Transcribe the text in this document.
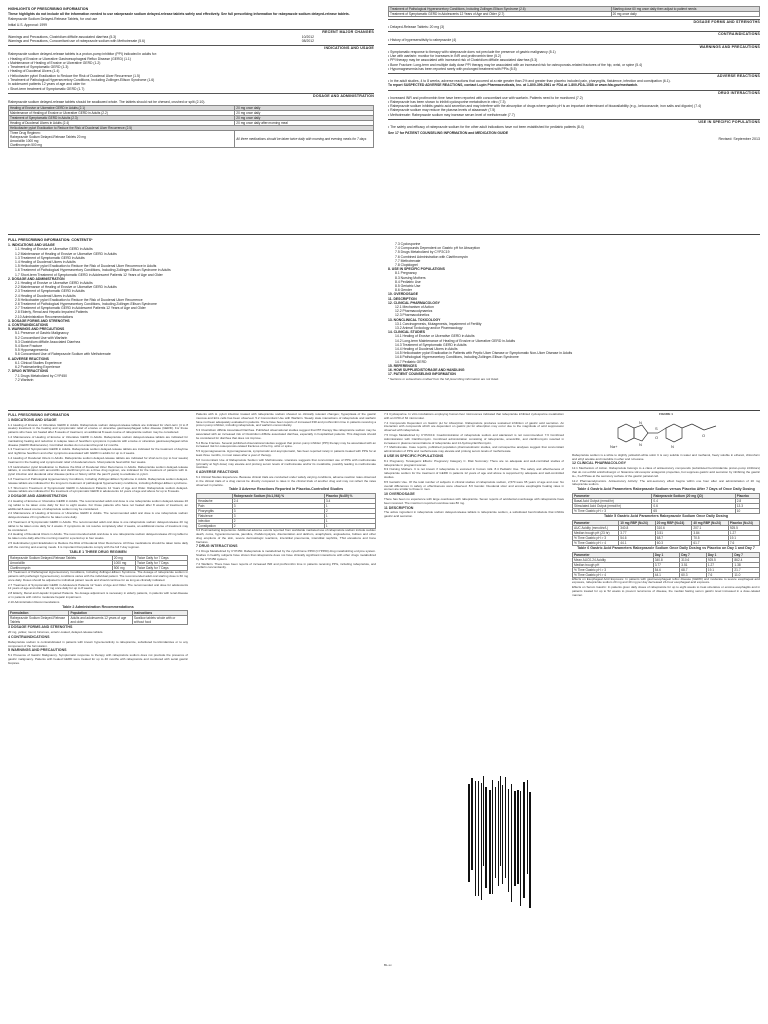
HIGHLIGHTS OF PRESCRIBING INFORMATION
These highlights do not include all the information needed to use rabeprazole sodium delayed-release tablets safely and effectively. See full prescribing information for rabeprazole sodium delayed-release tablets.
Rabeprazole Sodium Delayed-Release Tablets, for oral use
Initial U.S. Approval: 1999
RECENT MAJOR CHANGES
Warnings and Precautions, Clostridium difficile associated diarrhea (5.3)	10/2012
Warnings and Precautions, Concomitant use of rabeprazole sodium with Methotrexate (5.6)	08/2012
INDICATIONS AND USAGE
Rabeprazole sodium delayed-release tablets is a proton-pump inhibitor (PPI) indicated in adults for:
• Healing of Erosive or Ulcerative Gastroesophageal Reflux Disease (GERD) (1.1)
• Maintenance of Healing of Erosive or Ulcerative GERD (1.2)
• Treatment of Symptomatic GERD (1.3)
• Healing of Duodenal Ulcers (1.4)
• Helicobacter pylori Eradication to Reduce the Risk of Duodenal Ulcer Recurrence (1.5)
• Treatment of Pathological Hypersecretory Conditions, Including Zollinger-Ellison Syndrome (1.6)
In adolescent patients 12 years of age and older for:
• Short-term treatment of Symptomatic GERD (1.7)
DOSAGE AND ADMINISTRATION
Rabeprazole sodium delayed-release tablets should be swallowed whole. The tablets should not be chewed, crushed or split (2.10).
Healing of Erosive or Ulcerative GERD in Adults (2.1)	20 mg once daily
Maintenance of Healing of Erosive or Ulcerative GERD in Adults (2.2)	20 mg once daily
Treatment of Symptomatic GERD in Adults (2.3)	20 mg once daily
Healing of Duodenal Ulcers in Adults (2.4)	20 mg once daily after morning meal
Helicobacter pylori Eradication to Reduce the Risk of Duodenal Ulcer Recurrence (2.5)	

Three Drug Regimen:
Rabeprazole Sodium Delayed-Release Tablets 20 mg
Amoxicillin 1000 mg
Clarithromycin 500 mg	All three medications should be taken twice daily with morning and evening meals for 7 days
Treatment of Pathological Hypersecretory Conditions, Including Zollinger-Ellison Syndrome (2.6)	Starting dose 60 mg once daily then adjust to patient needs
Treatment of Symptomatic GERD in Adolescents 12 Years of Age and Older (2.7)	20 mg once daily
DOSAGE FORMS AND STRENGTHS
• Delayed-Release Tablets: 20 mg (3)
CONTRAINDICATIONS
• History of hypersensitivity to rabeprazole (4)
WARNINGS AND PRECAUTIONS
• Symptomatic response to therapy with rabeprazole does not preclude the presence of gastric malignancy (5.1)
• Use with warfarin: monitor for increases in INR and prothrombin time (5.2)
• PPI therapy may be associated with increased risk of Clostridium difficile associated diarrhea (5.3)
• Bone Fracture: Long-term and multiple daily dose PPI therapy may be associated with an increased risk for osteoporosis-related fractures of the hip, wrist, or spine (5.4)
• Hypomagnesemia has been reported rarely with prolonged treatment with PPIs (5.5)
ADVERSE REACTIONS
• In the adult studies, 4 to 8 weeks, adverse reactions that occurred at a rate greater than 2% and greater than placebo included pain, pharyngitis, flatulence, infection and constipation (6.1).
To report SUSPECTED ADVERSE REACTIONS, contact Lupin Pharmaceuticals, Inc. at 1-800-399-2561 or FDA at 1-800-FDA-1088 or www.fda.gov/medwatch.
DRUG INTERACTIONS
• Increased INR and prothrombin time have been reported with concomitant use with warfarin. Patients need to be monitored (7.2)
• Rabeprazole has been shown to inhibit cyclosporine metabolism in vitro (7.3)
• Rabeprazole sodium inhibits gastric acid secretion and may interfere with the absorption of drugs where gastric pH is an important determinant of bioavailability (e.g., ketoconazole, iron salts and digoxin) (7.4)
• Rabeprazole sodium may reduce the plasma levels of atazanavir (7.5)
• Methotrexate: Rabeprazole sodium may increase serum level of methotrexate (7.7)
USE IN SPECIFIC POPULATIONS
• The safety and efficacy of rabeprazole sodium for the other adult indications have not been established for pediatric patients (8.4)
See 17 for PATIENT COUNSELING INFORMATION and MEDICATION GUIDE
Revised: September 2013
FULL PRESCRIBING INFORMATION: CONTENTS*
1. INDICATIONS AND USAGE
1.1 Healing of Erosive or Ulcerative GERD in Adults
1.2 Maintenance of Healing of Erosive or Ulcerative GERD in Adults
1.3 Treatment of Symptomatic GERD in Adults
1.4 Healing of Duodenal Ulcers in Adults
1.5 Helicobacter pylori Eradication to Reduce the Risk of Duodenal Ulcer Recurrence in Adults
1.6 Treatment of Pathological Hypersecretory Conditions, Including Zollinger-Ellison Syndrome in Adults
1.7 Short-term Treatment of Symptomatic GERD in Adolescent Patients 12 Years of Age and Older
2. DOSAGE AND ADMINISTRATION
2.1 Healing of Erosive or Ulcerative GERD in Adults
2.2 Maintenance of Healing of Erosive or Ulcerative GERD in Adults
2.3 Treatment of Symptomatic GERD in Adults
2.4 Healing of Duodenal Ulcers in Adults
2.5 Helicobacter pylori Eradication to Reduce the Risk of Duodenal Ulcer Recurrence
2.6 Treatment of Pathological Hypersecretory Conditions, Including Zollinger-Ellison Syndrome
2.7 Treatment of Symptomatic GERD in Adolescent Patients 12 Years of Age and Older
2.8 Elderly, Renal and Hepatic Impaired Patients
2.10 Administration Recommendations
3. DOSAGE FORMS AND STRENGTHS
4. CONTRAINDICATIONS
5. WARNINGS AND PRECAUTIONS
5.1 Presence of Gastric Malignancy
5.2 Concomitant Use with Warfarin
5.3 Clostridium difficile Associated Diarrhea
5.4 Bone Fracture
5.5 Hypomagnesemia
5.6 Concomitant Use of Rabeprazole Sodium with Methotrexate
6. ADVERSE REACTIONS
6.1 Clinical Studies Experience
6.2 Postmarketing Experience
7. DRUG INTERACTIONS
7.1 Drugs Metabolized by CYP450
7.2 Warfarin
7.3 Cyclosporine
7.4 Compounds Dependent on Gastric pH for Absorption
7.5 Drugs Metabolized by CYP2C19
7.6 Combined Administration with Clarithromycin
7.7 Methotrexate
7.8 Clopidogrel
8. USE IN SPECIFIC POPULATIONS
8.1 Pregnancy
8.3 Nursing Mothers
8.4 Pediatric Use
8.5 Geriatric Use
8.6 Gender
10. OVERDOSAGE
11. DESCRIPTION
12. CLINICAL PHARMACOLOGY
12.1 Mechanism of Action
12.2 Pharmacodynamics
12.3 Pharmacokinetics
13. NONCLINICAL TOXICOLOGY
13.1 Carcinogenesis, Mutagenesis, Impairment of Fertility
13.2 Animal Toxicology and/or Pharmacology
14. CLINICAL STUDIES
14.1 Healing of Erosive or Ulcerative GERD in Adults
14.2 Long-term Maintenance of Healing of Erosive or Ulcerative GERD in Adults
14.3 Treatment of Symptomatic GERD in Adults
14.4 Healing of Duodenal Ulcers in Adults
14.5 Helicobacter pylori Eradication in Patients with Peptic Ulcer Disease or Symptomatic Non-Ulcer Disease in Adults
14.6 Pathological Hypersecretory Conditions, Including Zollinger-Ellison Syndrome
14.7 Pediatric GERD
15. REFERENCES
16. HOW SUPPLIED/STORAGE AND HANDLING
17. PATIENT COUNSELING INFORMATION
* Sections or subsections omitted from the full prescribing information are not listed.
FULL PRESCRIBING INFORMATION
1 INDICATIONS AND USAGE
1.1 Healing of Erosive or Ulcerative GERD in Adults. Rabeprazole sodium delayed-release tablets are indicated for short-term (4 to 8 weeks) treatment in the healing and symptomatic relief of erosive or ulcerative gastroesophageal reflux disease (GERD). For those patients who have not healed after 8 weeks of treatment, an additional 8-week course of rabeprazole sodium may be considered.
1.2 Maintenance of Healing of Erosive or Ulcerative GERD in Adults. Rabeprazole sodium delayed-release tablets are indicated for maintaining healing and reduction in relapse rates of heartburn symptoms in patients with erosive or ulcerative gastroesophageal reflux disease (GERD Maintenance). Controlled studies do not extend beyond 12 months.
1.3 Treatment of Symptomatic GERD in Adults. Rabeprazole sodium delayed-release tablets are indicated for the treatment of daytime and nighttime heartburn and other symptoms associated with GERD in adults for up to 4 weeks.
1.4 Healing of Duodenal Ulcers in Adults. Rabeprazole sodium delayed-release tablets are indicated for short-term (up to four weeks) treatment in the healing and symptomatic relief of duodenal ulcers. Most patients heal within four weeks.
1.5 Helicobacter pylori Eradication to Reduce the Risk of Duodenal Ulcer Recurrence in Adults. Rabeprazole sodium delayed-release tablets, in combination with amoxicillin and clarithromycin as a three drug regimen, are indicated for the treatment of patients with H. pylori infection and duodenal ulcer disease (active or history within the past 5 years) to eradicate H. pylori.
1.6 Treatment of Pathological Hypersecretory Conditions, Including Zollinger-Ellison Syndrome in Adults. Rabeprazole sodium delayed-release tablets are indicated for the long-term treatment of pathological hypersecretory conditions, including Zollinger-Ellison syndrome.
1.7 Short-term Treatment of Symptomatic GERD in Adolescent Patients 12 Years of Age and Older. Rabeprazole sodium delayed-release tablets are indicated for the treatment of symptomatic GERD in adolescents 12 years of age and above for up to 8 weeks.
2 DOSAGE AND ADMINISTRATION
2.1 Healing of Erosive or Ulcerative GERD in Adults. The recommended adult oral dose is one rabeprazole sodium delayed-release 20 mg tablet to be taken once daily for four to eight weeks. For those patients who have not healed after 8 weeks of treatment, an additional 8-week course of rabeprazole sodium may be considered.
2.2 Maintenance of Healing of Erosive or Ulcerative GERD in Adults. The recommended adult oral dose is one rabeprazole sodium delayed-release 20 mg tablet to be taken once daily.
2.3 Treatment of Symptomatic GERD in Adults. The recommended adult oral dose is one rabeprazole sodium delayed-release 20 mg tablet to be taken once daily for 4 weeks. If symptoms do not resolve completely after 4 weeks, an additional course of treatment may be considered.
2.4 Healing of Duodenal Ulcers in Adults. The recommended adult oral dose is one rabeprazole sodium delayed-release 20 mg tablet to be taken once daily after the morning meal for a period up to four weeks.
2.5 Helicobacter pylori Eradication to Reduce the Risk of Duodenal Ulcer Recurrence. All three medications should be taken twice daily with the morning and evening meals. It is important that patients comply with the full 7-day regimen.
TABLE 1 THREE DRUG REGIMEN
Rabeprazole Sodium Delayed-Release Tablets	20 mg	Twice Daily for 7 Days
Amoxicillin	1000 mg	Twice Daily for 7 Days
Clarithromycin	500 mg	Twice Daily for 7 Days
2.6 Treatment of Pathological Hypersecretory Conditions, Including Zollinger-Ellison Syndrome. The dosage of rabeprazole sodium in patients with pathologic hypersecretory conditions varies with the individual patient. The recommended adult oral starting dose is 60 mg once daily. Doses should be adjusted to individual patient needs and should continue for as long as clinically indicated.
2.7 Treatment of Symptomatic GERD in Adolescent Patients 12 Years of Age and Older. The recommended oral dose for adolescents 12 years of age and older is 20 mg once daily for up to 8 weeks.
2.8 Elderly, Renal and Hepatic Impaired Patients. No dosage adjustment is necessary in elderly patients, in patients with renal disease or in patients with mild to moderate hepatic impairment.
2.10 Administration Recommendations
Table 2 Administration Recommendations
Formulation	Population	Instructions
Rabeprazole Sodium Delayed-Release Tablets	Adults and adolescents 12 years of age and older	Swallow tablets whole with or without food
3 DOSAGE FORMS AND STRENGTHS
20 mg, yellow, round, biconvex, enteric-coated, delayed-release tablets.
4 CONTRAINDICATIONS
Rabeprazole sodium is contraindicated in patients with known hypersensitivity to rabeprazole, substituted benzimidazoles or to any component of the formulation.
5 WARNINGS AND PRECAUTIONS
5.1 Presence of Gastric Malignancy. Symptomatic response to therapy with rabeprazole sodium does not preclude the presence of gastric malignancy. Patients with healed GERD were treated for up to 40 months with rabeprazole and monitored with serial gastric biopsies.
Patients with H. pylori infection treated with rabeprazole sodium showed no clinically relevant changes; hyperplasia of the gastric mucosa and ECL cells has been observed. 5.2 Concomitant Use with Warfarin. Steady state interactions of rabeprazole and warfarin have not been adequately evaluated in patients. There have been reports of increased INR and prothrombin time in patients receiving a proton pump inhibitor, including rabeprazole, and warfarin concomitantly.
5.3 Clostridium difficile Associated Diarrhea. Published observational studies suggest that PPI therapy like rabeprazole sodium may be associated with an increased risk of Clostridium difficile associated diarrhea, especially in hospitalized patients. This diagnosis should be considered for diarrhea that does not improve.
5.4 Bone Fracture. Several published observational studies suggest that proton pump inhibitor (PPI) therapy may be associated with an increased risk for osteoporosis-related fractures of the hip, wrist or spine.
5.5 Hypomagnesemia. Hypomagnesemia, symptomatic and asymptomatic, has been reported rarely in patients treated with PPIs for at least three months, in most cases after a year of therapy.
5.6 Concomitant Use of Rabeprazole Sodium with Methotrexate. Literature suggests that concomitant use of PPIs with methotrexate (primarily at high dose) may elevate and prolong serum levels of methotrexate and/or its metabolite, possibly leading to methotrexate toxicities.
6 ADVERSE REACTIONS
6.1 Clinical Studies Experience. Because clinical trials are conducted under widely varying conditions, adverse reaction rates observed in the clinical trials of a drug cannot be directly compared to rates in the clinical trials of another drug and may not reflect the rates observed in practice.
Table 3 Adverse Reactions Reported in Placebo-Controlled Studies
	Rabeprazole Sodium (N=1,064) %	Placebo (N=89) %
Headache	2.4	3.4
Pain	3	1
Pharyngitis	3	2
Flatulence	3	1
Infection	2	1
Constipation	2	1
6.2 Postmarketing Experience. Additional adverse events reported from worldwide marketed use of rabeprazole sodium include sudden death, coma, hyperammonemia, jaundice, rhabdomyolysis, disorientation and delirium, anaphylaxis, angioedema, bullous and other drug eruptions of the skin, severe dermatologic reactions, interstitial pneumonia, interstitial nephritis, TSH elevations and bone fractures.
7 DRUG INTERACTIONS
7.1 Drugs Metabolized by CYP450. Rabeprazole is metabolized by the cytochrome P450 (CYP450) drug metabolizing enzyme system. Studies in healthy subjects have shown that rabeprazole does not have clinically significant interactions with other drugs metabolized by the CYP450 system.
7.2 Warfarin. There have been reports of increased INR and prothrombin time in patients receiving PPIs, including rabeprazole, and warfarin concomitantly.
7.3 Cyclosporine. In vitro incubations employing human liver microsomes indicated that rabeprazole inhibited cyclosporine metabolism with an IC50 of 62 micromolar.
7.4 Compounds Dependent on Gastric pH for Absorption. Rabeprazole produces sustained inhibition of gastric acid secretion. An interaction with compounds which are dependent on gastric pH for absorption may occur due to the magnitude of acid suppression observed with rabeprazole.
7.5 Drugs Metabolized by CYP2C19. Coadministration of rabeprazole sodium and atazanavir is not recommended. 7.6 Combined Administration with Clarithromycin. Combined administration consisting of rabeprazole, amoxicillin, and clarithromycin resulted in increases in plasma concentrations of rabeprazole and 14-hydroxyclarithromycin.
7.7 Methotrexate. Case reports, published population pharmacokinetic studies, and retrospective analyses suggest that concomitant administration of PPIs and methotrexate may elevate and prolong serum levels of methotrexate.
8 USE IN SPECIFIC POPULATIONS
8.1 Pregnancy. Teratogenic Effects: Pregnancy Category C. Risk Summary: There are no adequate and well-controlled studies of rabeprazole in pregnant women.
8.3 Nursing Mothers. It is not known if rabeprazole is excreted in human milk. 8.4 Pediatric Use. The safety and effectiveness of rabeprazole sodium for the treatment of GERD in patients 12 years of age and above is supported by adequate and well-controlled studies.
8.5 Geriatric Use. Of the total number of subjects in clinical studies of rabeprazole sodium, 2,570 were 65 years of age and over. No overall differences in safety or effectiveness were observed. 8.6 Gender. Duodenal ulcer and erosive esophagitis healing rates in women are similar to those in men.
10 OVERDOSAGE
There has been no experience with large overdoses with rabeprazole. Seven reports of accidental overdosage with rabeprazole have been received. The maximum reported overdose was 80 mg.
11 DESCRIPTION
The active ingredient in rabeprazole sodium delayed-release tablets is rabeprazole sodium, a substituted benzimidazole that inhibits gastric acid secretion.
FIGURE 1
N
N
S
O
N
O
Na+
Rabeprazole sodium is a white to slightly yellowish-white solid. It is very soluble in water and methanol, freely soluble in ethanol, chloroform and ethyl acetate and insoluble in ether and n-hexane.
12 CLINICAL PHARMACOLOGY
12.1 Mechanism of Action. Rabeprazole belongs to a class of antisecretory compounds (substituted benzimidazole proton-pump inhibitors) that do not exhibit anticholinergic or histamine H2-receptor antagonist properties, but suppress gastric acid secretion by inhibiting the gastric H+, K+ATPase at the secretory surface of the gastric parietal cell.
12.2 Pharmacodynamics. Antisecretory Activity: The anti-secretory effect begins within one hour after oral administration of 20 mg rabeprazole sodium.
Table 4 Gastric Acid Parameters Rabeprazole Sodium versus Placebo After 7 Days of Once Daily Dosing
Parameter	Rabeprazole Sodium (20 mg QD)	Placebo
Basal Acid Output (mmol/hr)	0.4	2.8
Stimulated Acid Output (mmol/hr)	0.6	13.3
% Time Gastric pH > 3	65	10
Table 5 Gastric Acid Parameters Rabeprazole Sodium Once Daily Dosing
Parameter	10 mg RBP (N=24)	20 mg RBP (N=24)	40 mg RBP (N=24)	Placebo (N=24)
AUC Acidity (mmol•hr/L)	340.8	310.6	207.1	925.5
Median trough pH (23 hr)	3.77	3.51	3.84	1.27
% Time Gastric pH > 3	54.6	68.7	70.5	19.1
% Time Gastric pH > 4	44.1	60.3	61.7	7.6
Table 6 Gastric Acid Parameters Rabeprazole Sodium Once Daily Dosing vs Placebo on Day 1 and Day 7
Parameter	Day 1	Day 7	Day 1	Day 7
Mean AUC0-24 Acidity	340.8	310.6	925.5	862.4
Median trough pH	3.77	3.51	1.27	1.38
% Time Gastric pH > 3	54.6	68.7	19.1	21.7
% Time Gastric pH > 4	44.1	60.3	7.6	11.0
Effects on Esophageal Acid Exposure: In patients with gastroesophageal reflux disease (GERD) and moderate to severe esophageal acid exposure, rabeprazole sodium 20 mg and 40 mg per day decreased 24-hour esophageal acid exposure.
Effects on Serum Gastrin: In patients given daily doses of rabeprazole for up to eight weeks to treat ulcerative or erosive esophagitis and in patients treated for up to 52 weeks to prevent recurrence of disease, the median fasting serum gastrin level increased in a dose-related manner.
BL-xx
